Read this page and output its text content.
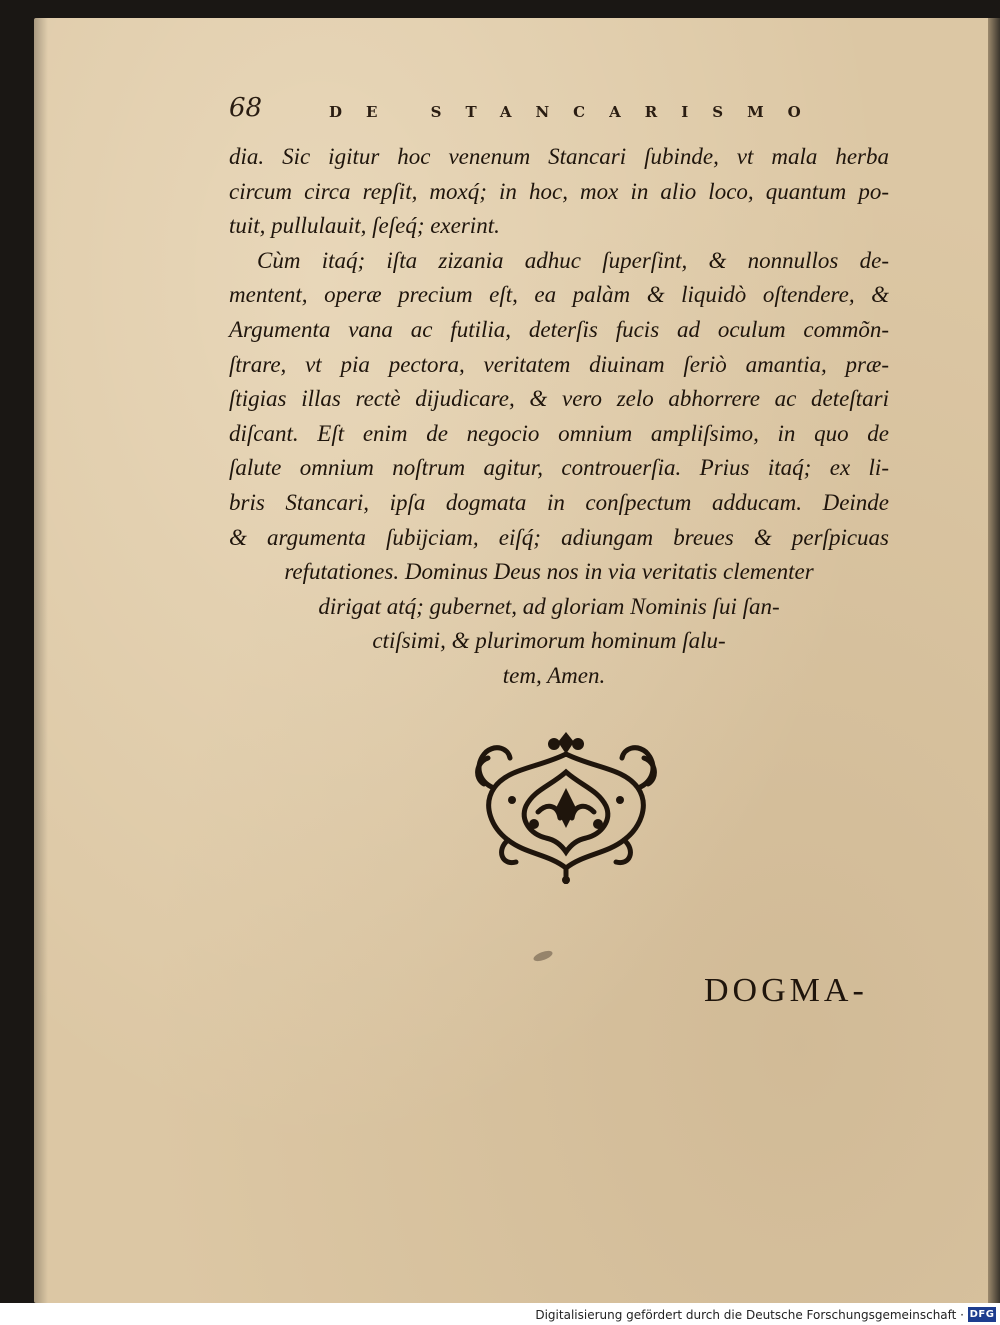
68	DE STANCARISMO
dia. Sic igitur hoc venenum Stancari ſubinde, vt mala herba
circum circa repſit, moxq́; in hoc, mox in alio loco, quantum po-
tuit, pullulauit, ſeſeq́; exerint.
Cùm itaq́; iſta zizania adhuc ſuperſint, & nonnullos de-
mentent, operæ precium eſt, ea palàm & liquidò oſtendere, &
Argumenta vana ac futilia, deterſis fucis ad oculum commõn-
ſtrare, vt pia pectora, veritatem diuinam ſeriò amantia, præ-
ſtigias illas rectè dijudicare, & vero zelo abhorrere ac deteſtari
diſcant. Eſt enim de negocio omnium ampliſsimo, in quo de
ſalute omnium noſtrum agitur, controuerſia. Prius itaq́; ex li-
bris Stancari, ipſa dogmata in conſpectum adducam. Deinde
& argumenta ſubijciam, eiſq́; adiungam breues & perſpicuas
refutationes. Dominus Deus nos in via veritatis clementer
dirigat atq́; gubernet, ad gloriam Nominis ſui ſan-
ctiſsimi, & plurimorum hominum ſalu-
tem, Amen.
DOGMA-
Digitalisierung gefördert durch die Deutsche Forschungsgemeinschaft · DFG
